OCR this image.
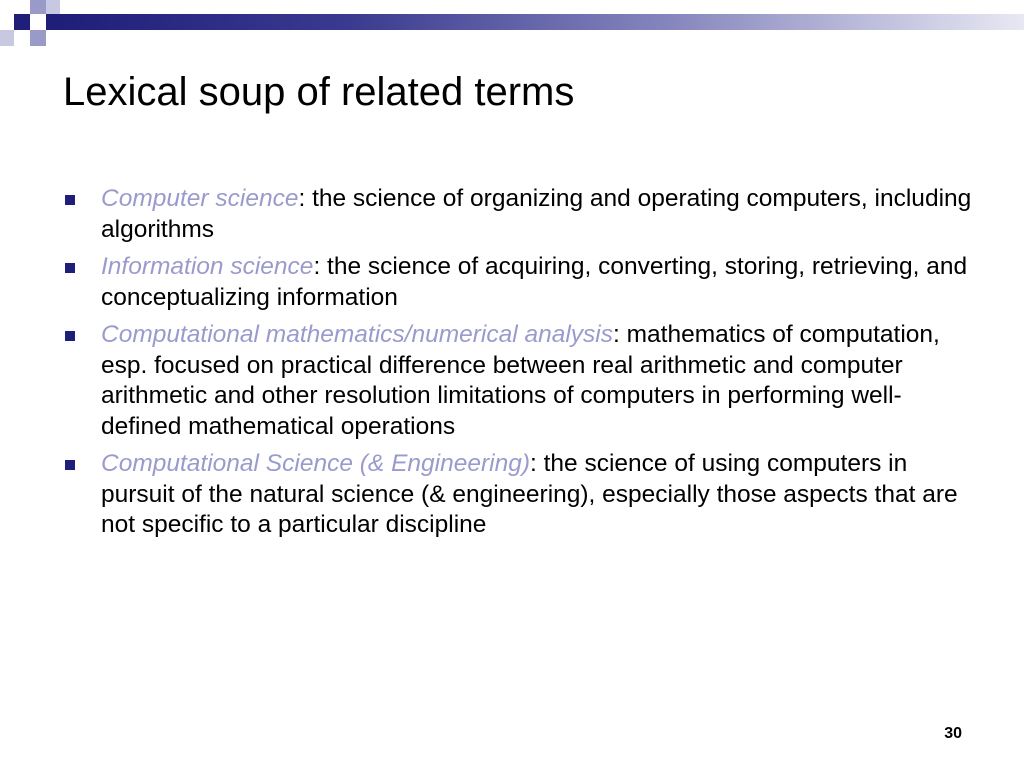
Lexical soup of related terms
Computer science: the science of organizing and operating computers, including algorithms
Information science: the science of acquiring, converting, storing, retrieving, and conceptualizing information
Computational mathematics/numerical analysis: mathematics of computation, esp. focused on practical difference between real arithmetic and computer arithmetic and other resolution limitations of computers in performing well-defined mathematical operations
Computational Science (& Engineering): the science of using computers in pursuit of the natural science (& engineering), especially those aspects that are not specific to a particular discipline
30
